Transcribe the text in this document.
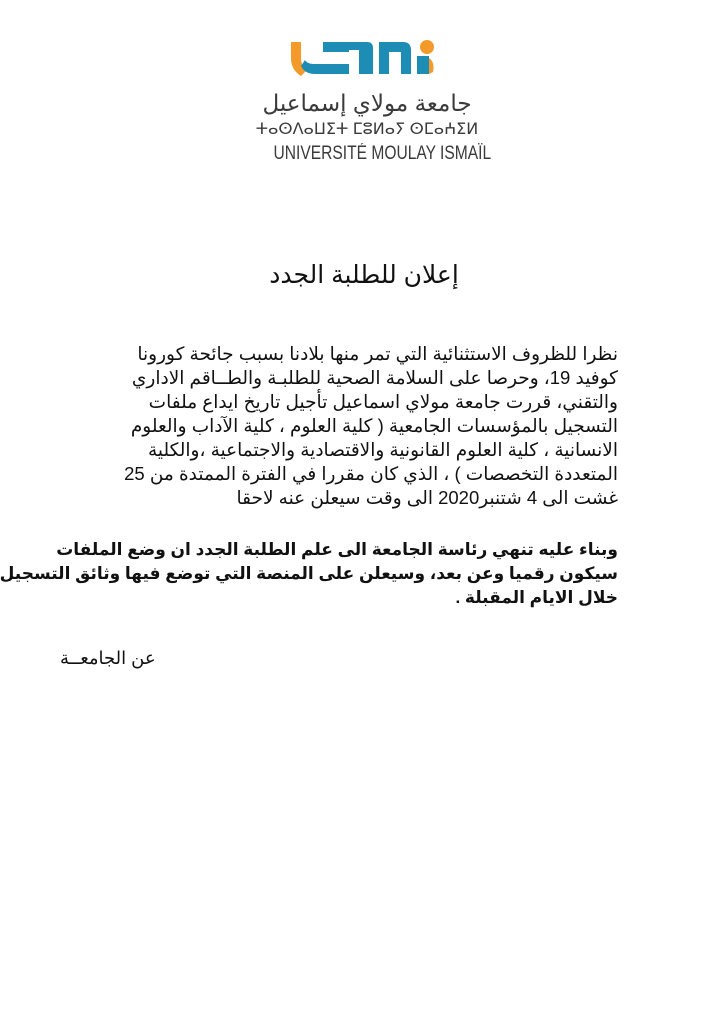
جامعة مولاي إسماعيل
ⵜⴰⵙⴷⴰⵡⵉⵜ ⵎⵓⵍⴰⵢ ⵙⵎⴰⵄⵉⵍ
UNIVERSITÉ MOULAY ISMAÏL
إعلان للطلبة الجدد
نظرا للظروف الاستثنائية التي تمر منها بلادنا بسبب جائحة كورونا
كوفيد 19، وحرصا على السلامة الصحية للطلبـة والطــاقم الاداري
والتقني، قررت جامعة مولاي اسماعيل تأجيل تاريخ ايداع ملفات
التسجيل بالمؤسسات الجامعية ( كلية العلوم ، كلية الآداب والعلوم
الانسانية ، كلية العلوم القانونية والاقتصادية والاجتماعية ،والكلية
المتعددة التخصصات ) ، الذي كان مقررا في الفترة الممتدة من 25
غشت الى 4 شتنبر2020 الى وقت سيعلن عنه لاحقا
وبناء عليه تنهي رئاسة الجامعة الى علم الطلبة الجدد ان وضع الملفات
سيكون رقميا وعن بعد، وسيعلن على المنصة التي توضع فيها وثائق التسجيل
خلال الايام المقبلة .
عن الجامعــة
